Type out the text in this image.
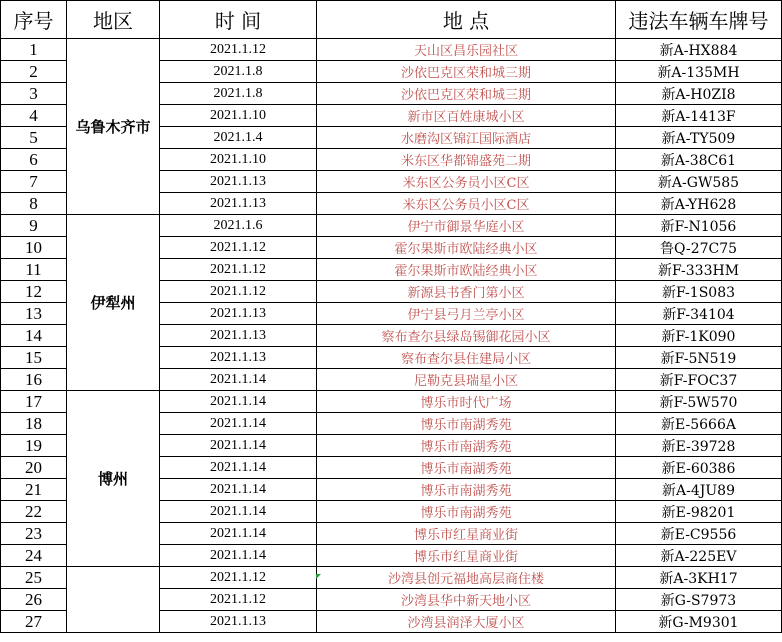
序号	地区	时 间	地 点	违法车辆车牌号
1	乌鲁木齐市	2021.1.12	天山区昌乐园社区	新A-HX884
2		2021.1.8	沙依巴克区荣和城三期	新A-135MH
3		2021.1.8	沙依巴克区荣和城三期	新A-H0ZI8
4		2021.1.10	新市区百姓康城小区	新A-1413F
5		2021.1.4	水磨沟区锦江国际酒店	新A-TY509
6		2021.1.10	米东区华都锦盛苑二期	新A-38C61
7		2021.1.13	米东区公务员小区C区	新A-GW585
8		2021.1.13	米东区公务员小区C区	新A-YH628
9	伊犁州	2021.1.6	伊宁市御景华庭小区	新F-N1056
10		2021.1.12	霍尔果斯市欧陆经典小区	鲁Q-27C75
11		2021.1.12	霍尔果斯市欧陆经典小区	新F-333HM
12		2021.1.12	新源县书香门第小区	新F-1S083
13		2021.1.13	伊宁县弓月兰亭小区	新F-34104
14		2021.1.13	察布查尔县绿岛锡御花园小区	新F-1K090
15		2021.1.13	察布查尔县住建局小区	新F-5N519
16		2021.1.14	尼勒克县瑞星小区	新F-FOC37
17	博州	2021.1.14	博乐市时代广场	新F-5W570
18		2021.1.14	博乐市南湖秀苑	新E-5666A
19		2021.1.14	博乐市南湖秀苑	新E-39728
20		2021.1.14	博乐市南湖秀苑	新E-60386
21		2021.1.14	博乐市南湖秀苑	新A-4JU89
22		2021.1.14	博乐市南湖秀苑	新E-98201
23		2021.1.14	博乐市红星商业街	新E-C9556
24		2021.1.14	博乐市红星商业街	新A-225EV
25		2021.1.12	沙湾县创元福地高层商住楼	新A-3KH17
26		2021.1.12	沙湾县华中新天地小区	新G-S7973
27		2021.1.13	沙湾县润泽大厦小区	新G-M9301
